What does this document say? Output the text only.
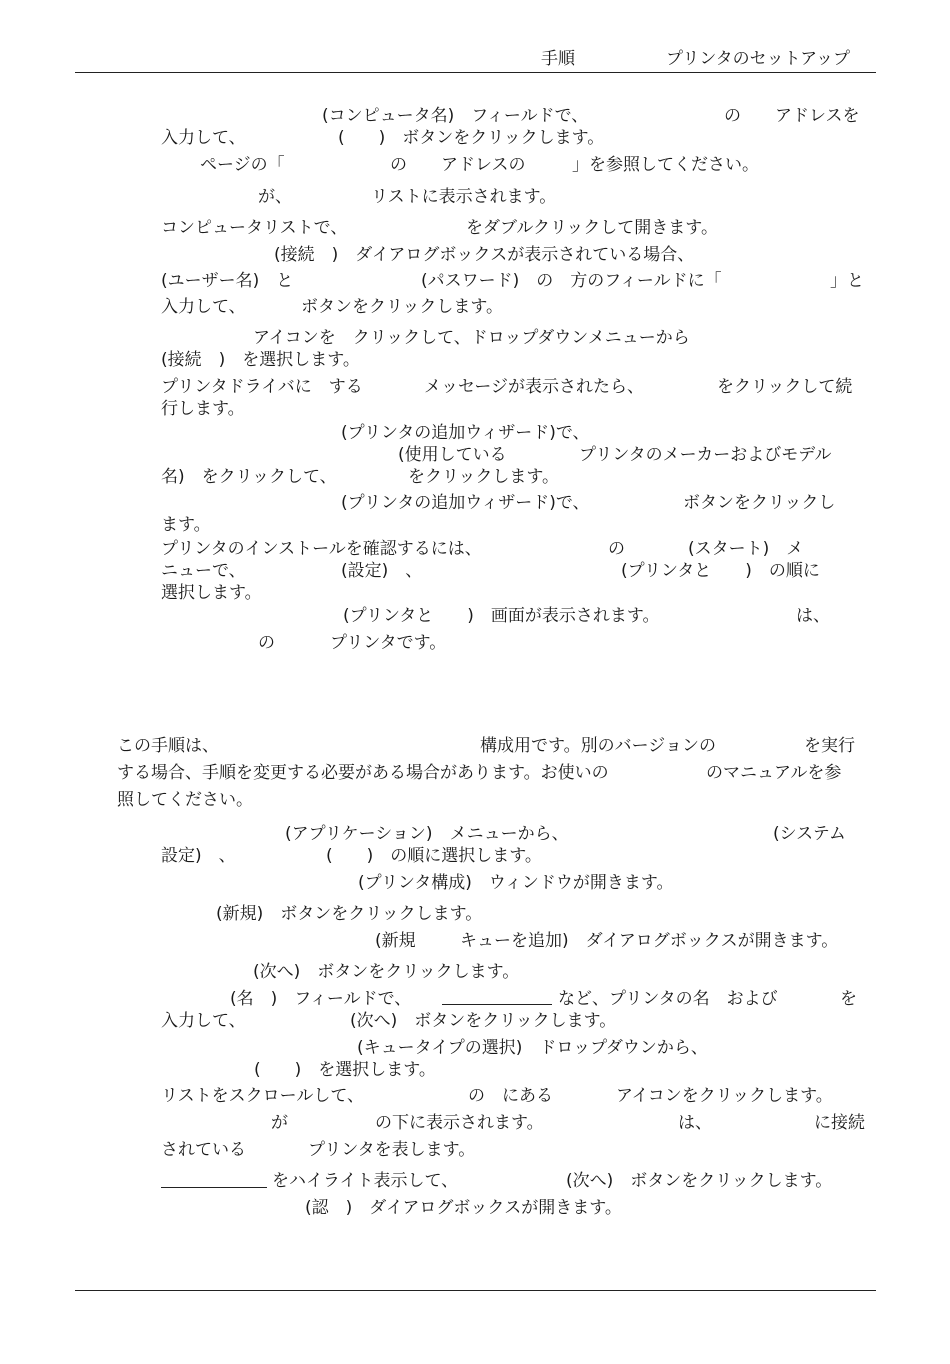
手順	プリンタのセットアップ
(コンピュータ名)　フィールドで、	の アドレスを
入力して、	(　　)　ボタンをクリックします。
ページの「	の アドレスの	」を参照してください。
が、	リストに表示されます。
コンピュータリストで、	をダブルクリックして開きます。
(接続　)　ダイアログボックスが表示されている場合、
(ユーザー名)　と	(パスワード)　の　方のフィールドに「	」と
入力して、	ボタンをクリックします。
アイコンを　クリックして、ドロップダウンメニューから
(接続　)　を選択します。
プリンタドライバに　する	メッセージが表示されたら、	をクリックして続
行します。
(プリンタの追加ウィザード)で、
(使用している	プリンタのメーカーおよびモデル
名)　をクリックして、	をクリックします。
(プリンタの追加ウィザード)で、	ボタンをクリックし
ます。
プリンタのインストールを確認するには、	の	(スタート)　メ
ニューで、	(設定)　、	(プリンタと　　)　の順に
選択します。
(プリンタと　　)　画面が表示されます。	は、
の	プリンタです。
この手順は、	構成用です。別のバージョンの	を実行
する場合、手順を変更する必要がある場合があります。お使いの	のマニュアルを参
照してください。
(アプリケーション)　メニューから、	(システム
設定)　、	(　　)　の順に選択します。
(プリンタ構成)　ウィンドウが開きます。
(新規)　ボタンをクリックします。
(新規	キューを追加)　ダイアログボックスが開きます。
(次へ)　ボタンをクリックします。
(名　)　フィールドで、	など、プリンタの名　および	を
入力して、	(次へ)　ボタンをクリックします。
(キュータイプの選択)　ドロップダウンから、
(　　)　を選択します。
リストをスクロールして、	の　にある	アイコンをクリックします。
が	の下に表示されます。	は、	に接続
されている	プリンタを表します。
をハイライト表示して、	(次へ)　ボタンをクリックします。
(認　)　ダイアログボックスが開きます。
